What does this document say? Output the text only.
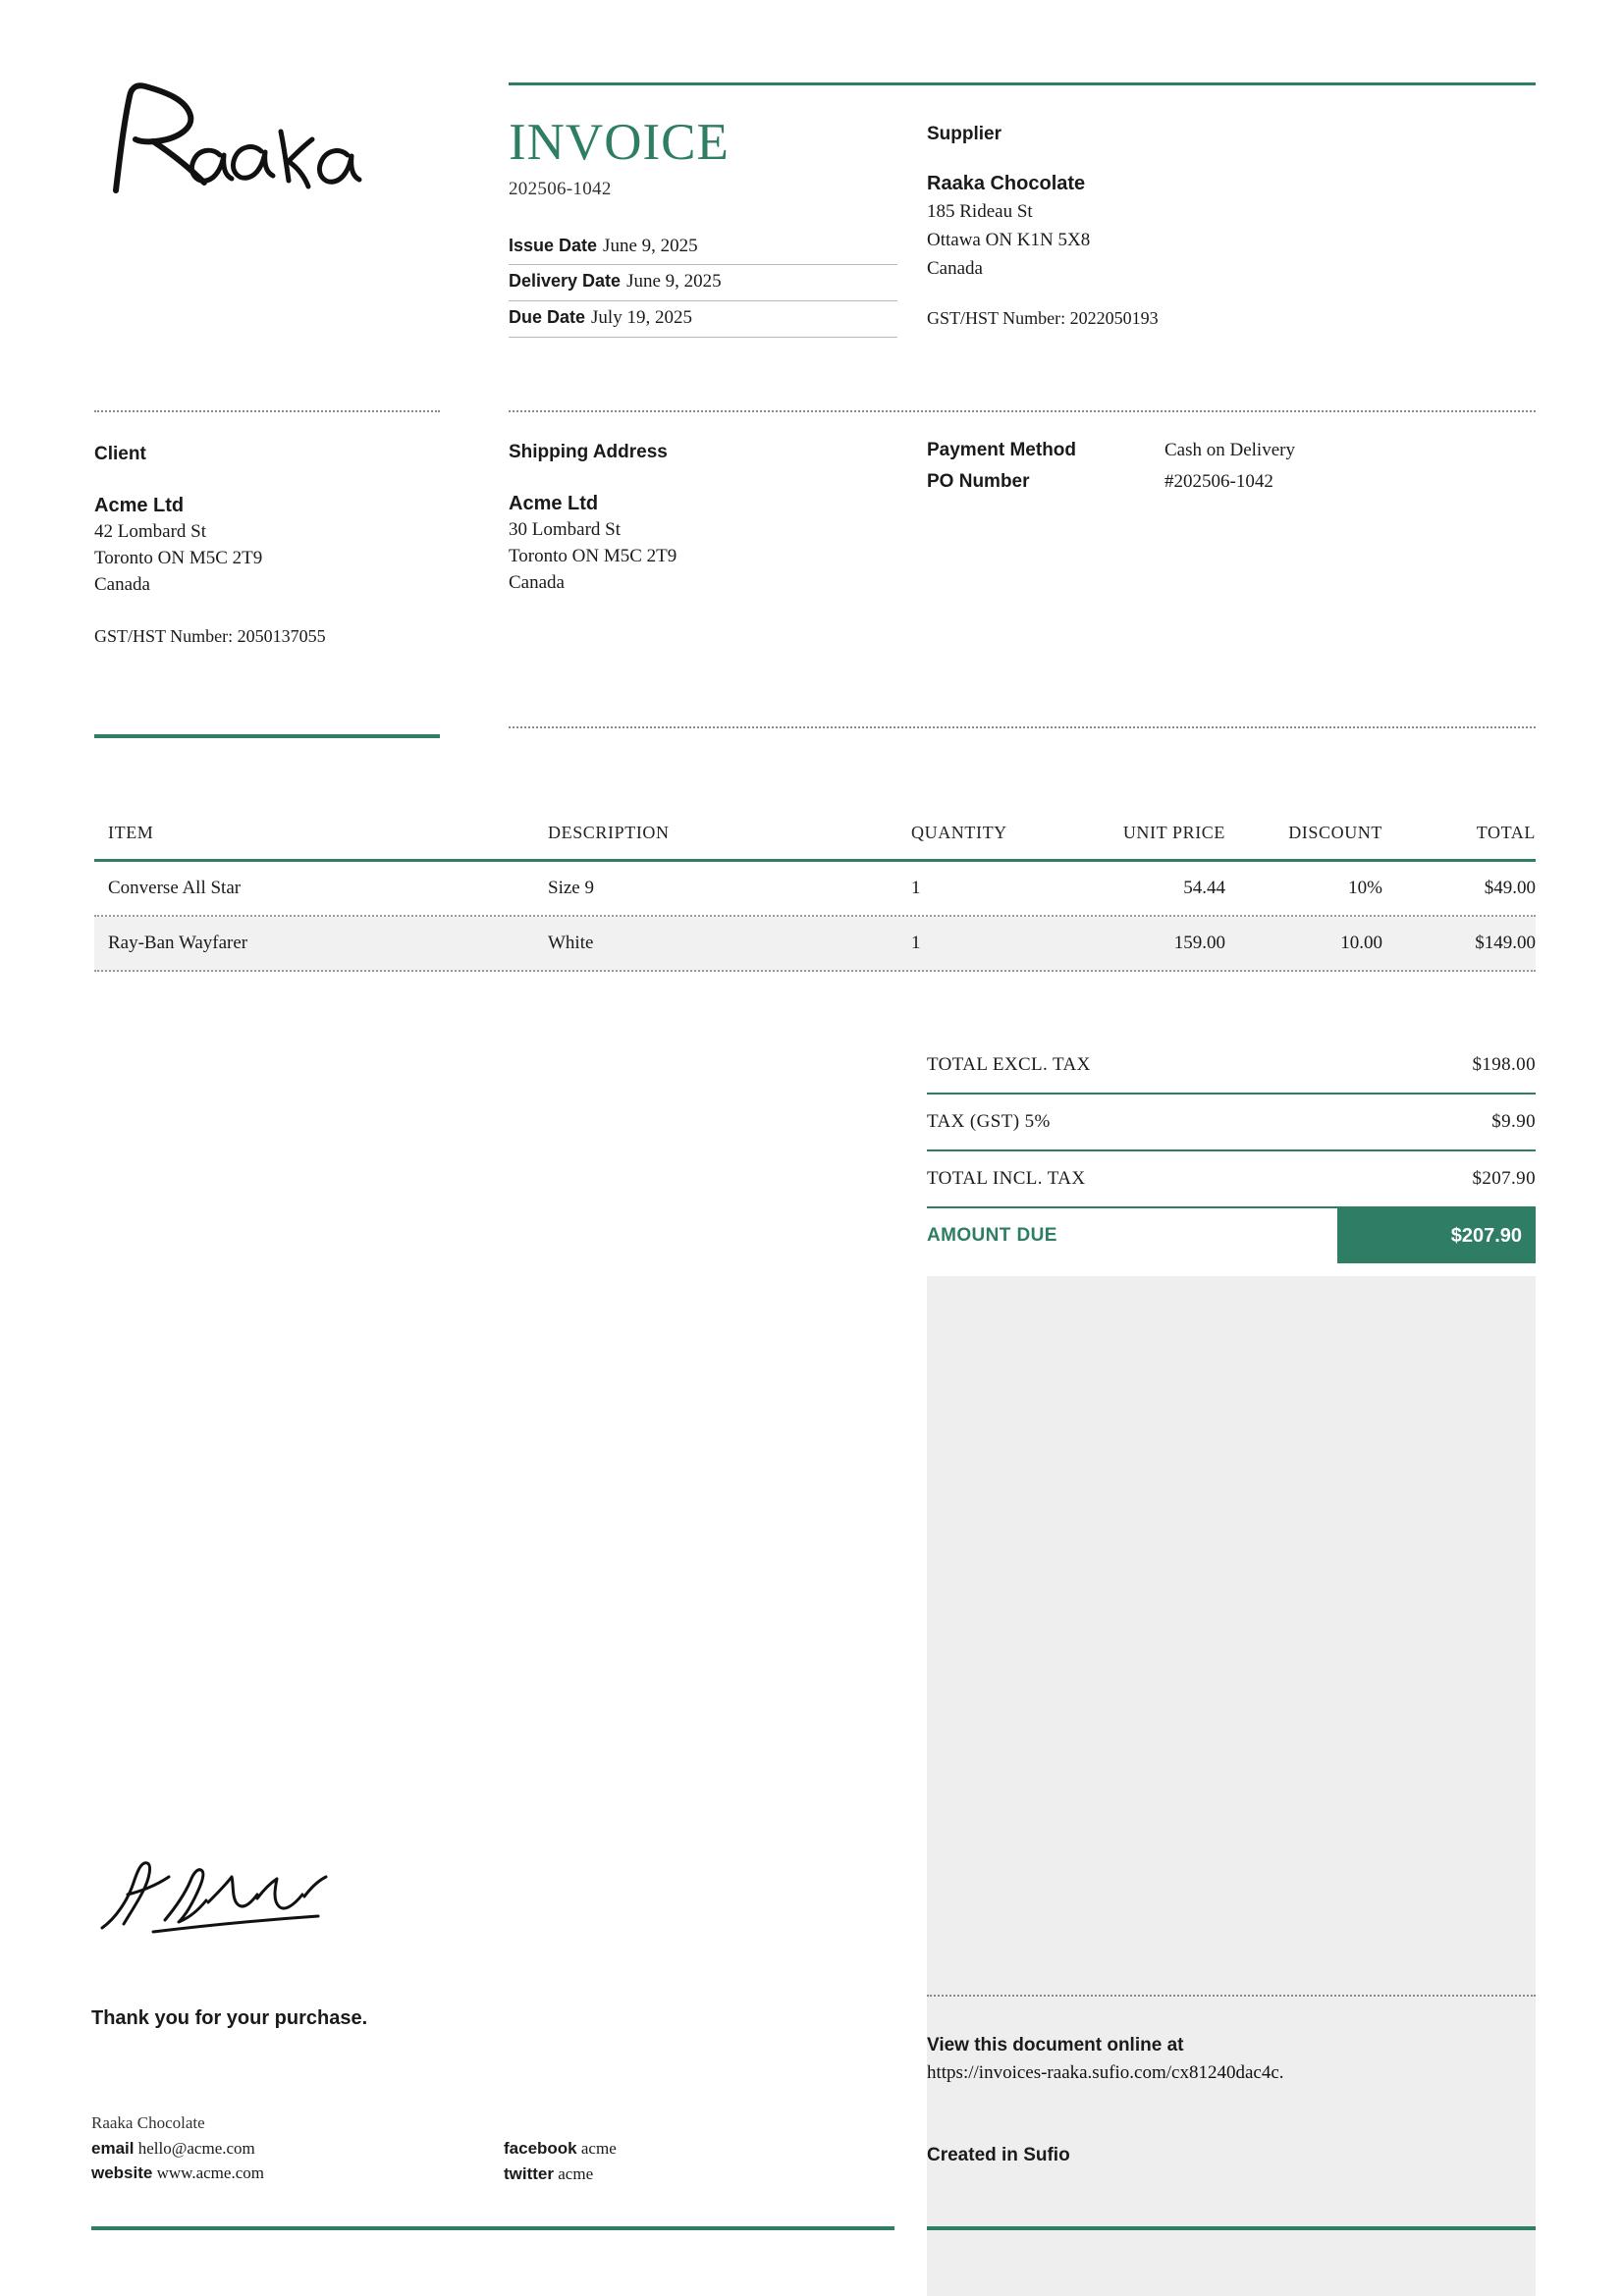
INVOICE
202506-1042
Issue Date June 9, 2025
Delivery Date June 9, 2025
Due Date July 19, 2025
Supplier
Raaka Chocolate
185 Rideau St
Ottawa ON K1N 5X8
Canada
GST/HST Number: 2022050193
Client
Acme Ltd
42 Lombard St
Toronto ON M5C 2T9
Canada
GST/HST Number: 2050137055
Shipping Address
Acme Ltd
30 Lombard St
Toronto ON M5C 2T9
Canada
Payment Method	Cash on Delivery
PO Number	#202506-1042
ITEM	DESCRIPTION	QUANTITY	UNIT PRICE	DISCOUNT	TOTAL
Converse All Star	Size 9	1	54.44	10%	$49.00
Ray-Ban Wayfarer	White	1	159.00	10.00	$149.00
TOTAL EXCL. TAX	$198.00
TAX (GST) 5%	$9.90
TOTAL INCL. TAX	$207.90
AMOUNT DUE	$207.90
Thank you for your purchase.
Raaka Chocolate
email hello@acme.com
website www.acme.com
facebook acme
twitter acme
View this document online at
https://invoices-raaka.sufio.com/cx81240dac4c.
Created in Sufio
